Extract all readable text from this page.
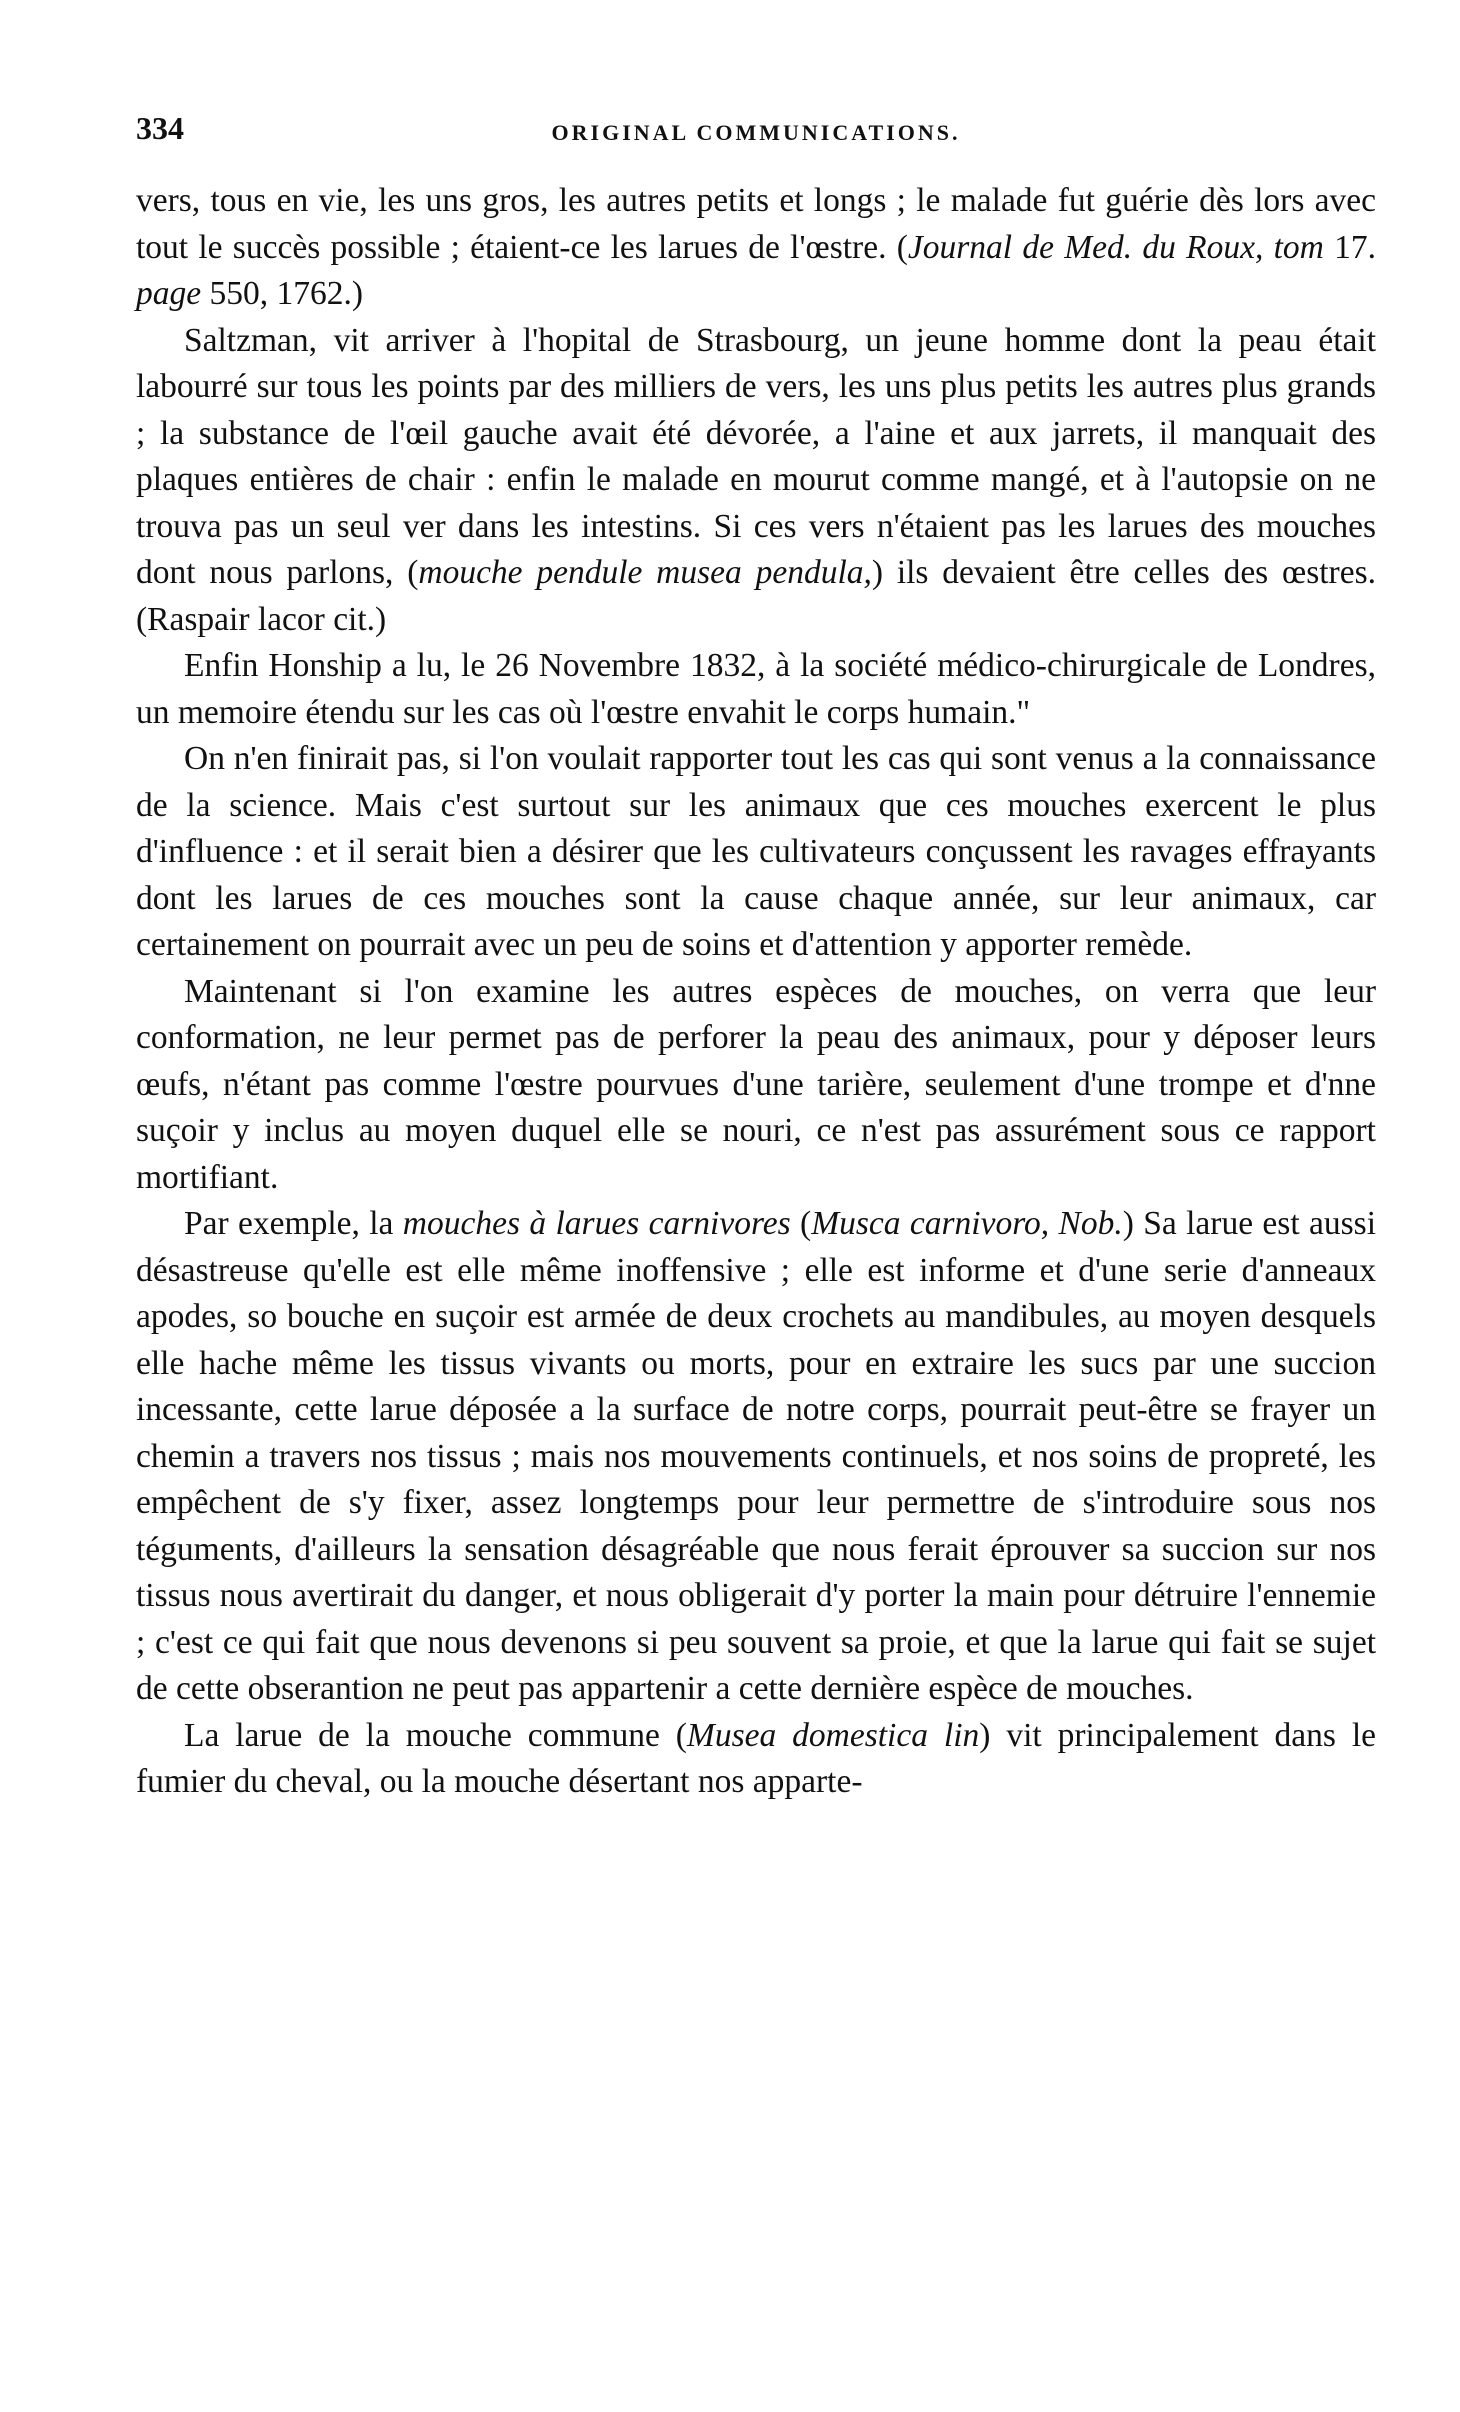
334	ORIGINAL COMMUNICATIONS.

vers, tous en vie, les uns gros, les autres petits et longs ; le malade fut guérie dès lors avec tout le succès possible ; étaient-ce les larues de l'œstre. (Journal de Med. du Roux, tom 17. page 550, 1762.)

Saltzman, vit arriver à l'hopital de Strasbourg, un jeune homme dont la peau était labourré sur tous les points par des milliers de vers, les uns plus petits les autres plus grands ; la substance de l'œil gauche avait été dévorée, a l'aine et aux jarrets, il manquait des plaques entières de chair : enfin le malade en mourut comme mangé, et à l'autopsie on ne trouva pas un seul ver dans les intestins. Si ces vers n'étaient pas les larues des mouches dont nous parlons, (mouche pendule musea pendula,) ils devaient être celles des œstres. (Raspair lacor cit.)

Enfin Honship a lu, le 26 Novembre 1832, à la société médico-chirurgicale de Londres, un memoire étendu sur les cas où l'œstre envahit le corps humain."

On n'en finirait pas, si l'on voulait rapporter tout les cas qui sont venus a la connaissance de la science. Mais c'est surtout sur les animaux que ces mouches exercent le plus d'influence : et il serait bien a désirer que les cultivateurs conçussent les ravages effrayants dont les larues de ces mouches sont la cause chaque année, sur leur animaux, car certainement on pourrait avec un peu de soins et d'attention y apporter remède.

Maintenant si l'on examine les autres espèces de mouches, on verra que leur conformation, ne leur permet pas de perforer la peau des animaux, pour y déposer leurs œufs, n'étant pas comme l'œstre pourvues d'une tarière, seulement d'une trompe et d'nne suçoir y inclus au moyen duquel elle se nouri, ce n'est pas assurément sous ce rapport mortifiant.

Par exemple, la mouches à larues carnivores (Musca carnivoro, Nob.) Sa larue est aussi désastreuse qu'elle est elle même inoffensive ; elle est informe et d'une serie d'anneaux apodes, so bouche en suçoir est armée de deux crochets au mandibules, au moyen desquels elle hache même les tissus vivants ou morts, pour en extraire les sucs par une succion incessante, cette larue déposée a la surface de notre corps, pourrait peut-être se frayer un chemin a travers nos tissus ; mais nos mouvements continuels, et nos soins de propreté, les empêchent de s'y fixer, assez longtemps pour leur permettre de s'introduire sous nos téguments, d'ailleurs la sensation désagréable que nous ferait éprouver sa succion sur nos tissus nous avertirait du danger, et nous obligerait d'y porter la main pour détruire l'ennemie ; c'est ce qui fait que nous devenons si peu souvent sa proie, et que la larue qui fait se sujet de cette obserantion ne peut pas appartenir a cette dernière espèce de mouches.

La larue de la mouche commune (Musea domestica lin) vit principalement dans le fumier du cheval, ou la mouche désertant nos apparte-
